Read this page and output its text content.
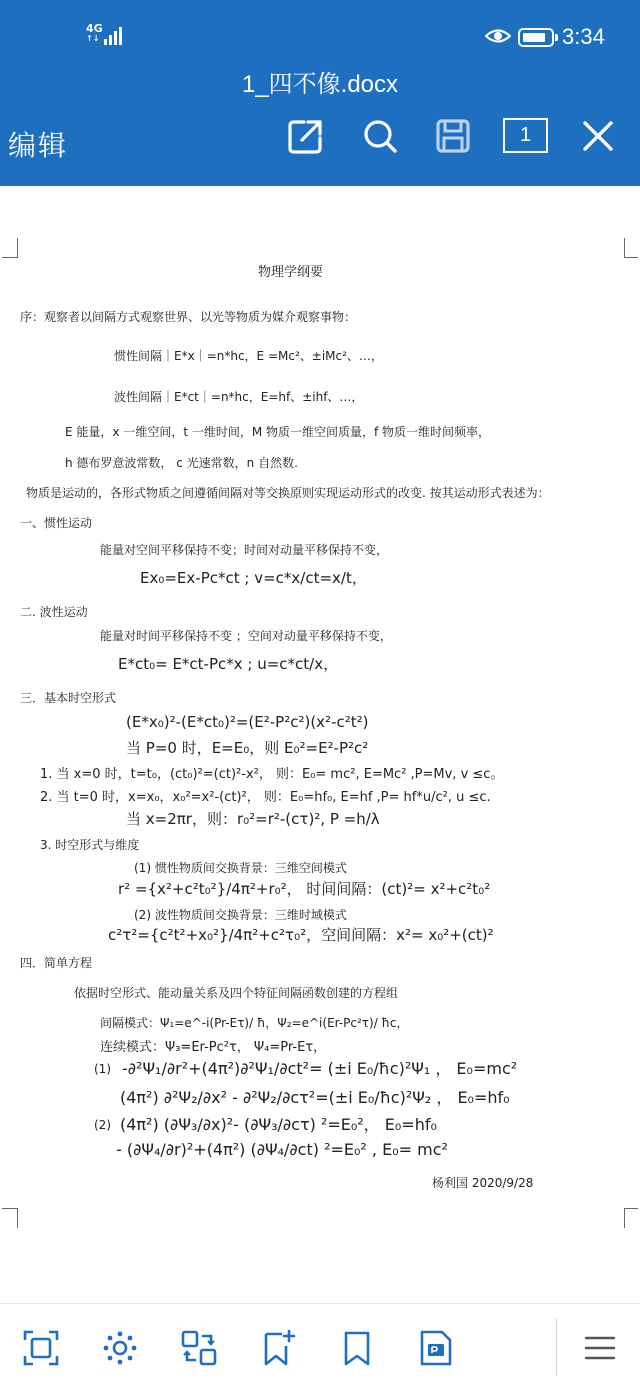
4G
↑↓	3:34
1_四不像.docx
编辑	1
物理学纲要
序：观察者以间隔方式观察世界、以光等物质为媒介观察事物：
惯性间隔｜E*x｜=n*hc，E =Mc²、±iMc²、…，
波性间隔｜E*ct｜=n*hc，E=hf、±ihf、…，
E 能量，x 一维空间，t 一维时间，M 物质一维空间质量，f 物质一维时间频率，
h 德布罗意波常数， c 光速常数，n 自然数.
物质是运动的，各形式物质之间遵循间隔对等交换原则实现运动形式的改变. 按其运动形式表述为：
一、惯性运动
能量对空间平移保持不变；时间对动量平移保持不变，
Ex₀=Ex-Pc*ct ; v=c*x/ct=x/t，
二. 波性运动
能量对时间平移保持不变 ；空间对动量平移保持不变，
E*ct₀= E*ct-Pc*x ; u=c*ct/x，
三．基本时空形式
(E*x₀)²-(E*ct₀)²=(E²-P²c²)(x²-c²t²)
当 P=0 时，E=E₀，则 E₀²=E²-P²c²
1. 当 x=0 时，t=t₀，(ct₀)²=(ct)²-x²， 则：E₀= mc², E=Mc² ,P=Mv, v ≤c。
2. 当 t=0 时，x=x₀，x₀²=x²-(ct)²， 则：E₀=hf₀, E=hf ,P= hf*u/c², u ≤c.
当 x=2πr，则：r₀²=r²-(cτ)², P =h/λ
3. 时空形式与维度
(1) 惯性物质间交换背景：三维空间模式
r² ={x²+c²t₀²}/4π²+r₀²， 时间间隔：(ct)²= x²+c²t₀²
(2) 波性物质间交换背景：三维时域模式
c²τ²={c²t²+x₀²}/4π²+c²τ₀²，空间间隔：x²= x₀²+(ct)²
四．简单方程
依据时空形式、能动量关系及四个特征间隔函数创建的方程组
间隔模式：Ψ₁=e^-i(Pr-Eτ)/ ħ，Ψ₂=e^i(Er-Pc²τ)/ ħc，
连续模式：Ψ₃=Er-Pc²τ， Ψ₄=Pr-Eτ，
(1) -∂²Ψ₁/∂r²+(4π²)∂²Ψ₁/∂ct²= (±i E₀/ħc)²Ψ₁ ， E₀=mc²
(4π²) ∂²Ψ₂/∂x² - ∂²Ψ₂/∂cτ²=(±i E₀/ħc)²Ψ₂ ， E₀=hf₀
(2) (4π²) (∂Ψ₃/∂x)²- (∂Ψ₃/∂cτ) ²=E₀²， E₀=hf₀
- (∂Ψ₄/∂r)²+(4π²) (∂Ψ₄/∂ct) ²=E₀² , E₀= mc²
杨利国 2020/9/28
